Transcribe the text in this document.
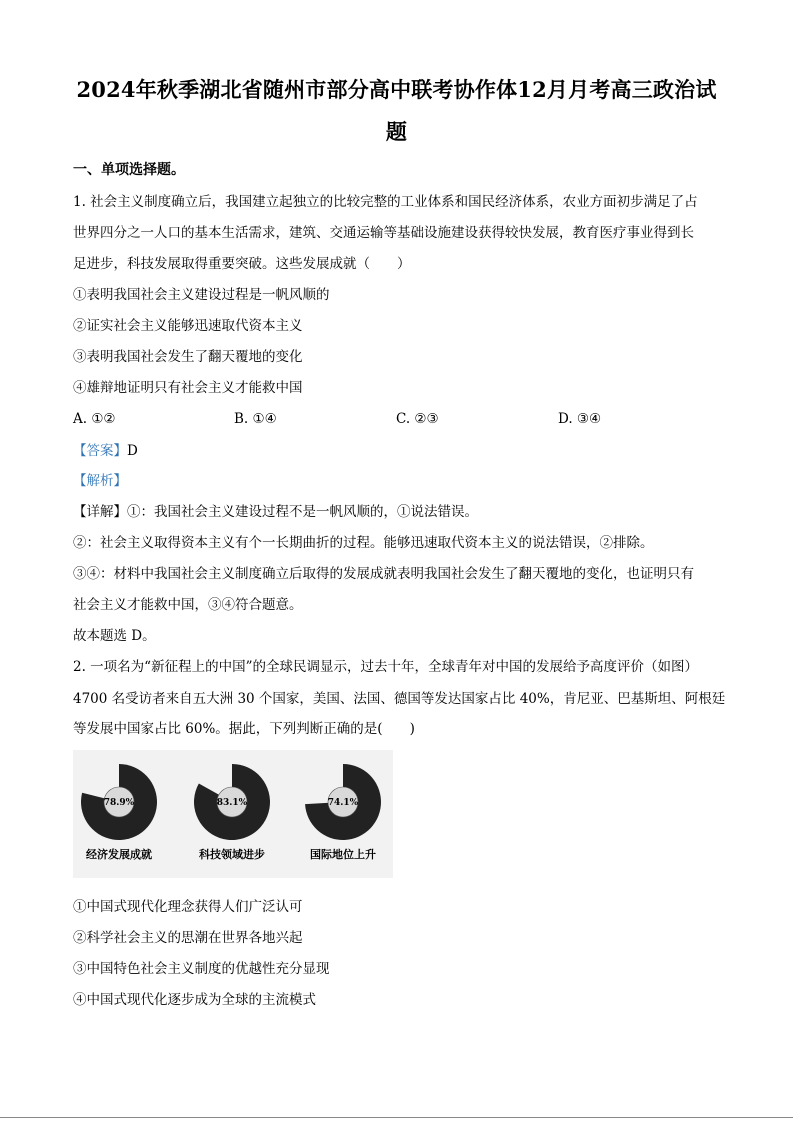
2024年秋季湖北省随州市部分高中联考协作体12月月考高三政治试
题
一、单项选择题。
1. 社会主义制度确立后，我国建立起独立的比较完整的工业体系和国民经济体系，农业方面初步满足了占
世界四分之一人口的基本生活需求，建筑、交通运输等基础设施建设获得较快发展，教育医疗事业得到长
足进步，科技发展取得重要突破。这些发展成就（　　）
①表明我国社会主义建设过程是一帆风顺的
②证实社会主义能够迅速取代资本主义
③表明我国社会发生了翻天覆地的变化
④雄辩地证明只有社会主义才能救中国
A. ①②	B. ①④	C. ②③	D. ③④
【答案】D
【解析】
【详解】①：我国社会主义建设过程不是一帆风顺的，①说法错误。
②：社会主义取得资本主义有个一长期曲折的过程。能够迅速取代资本主义的说法错误，②排除。
③④：材料中我国社会主义制度确立后取得的发展成就表明我国社会发生了翻天覆地的变化，也证明只有
社会主义才能救中国，③④符合题意。
故本题选 D。
2. 一项名为“新征程上的中国”的全球民调显示，过去十年，全球青年对中国的发展给予高度评价（如图）
4700 名受访者来自五大洲 30 个国家，美国、法国、德国等发达国家占比 40%，肯尼亚、巴基斯坦、阿根廷
等发展中国家占比 60%。据此，下列判断正确的是(　　)
78.9%
经济发展成就
83.1%
科技领域进步
74.1%
国际地位上升
①中国式现代化理念获得人们广泛认可
②科学社会主义的思潮在世界各地兴起
③中国特色社会主义制度的优越性充分显现
④中国式现代化逐步成为全球的主流模式
